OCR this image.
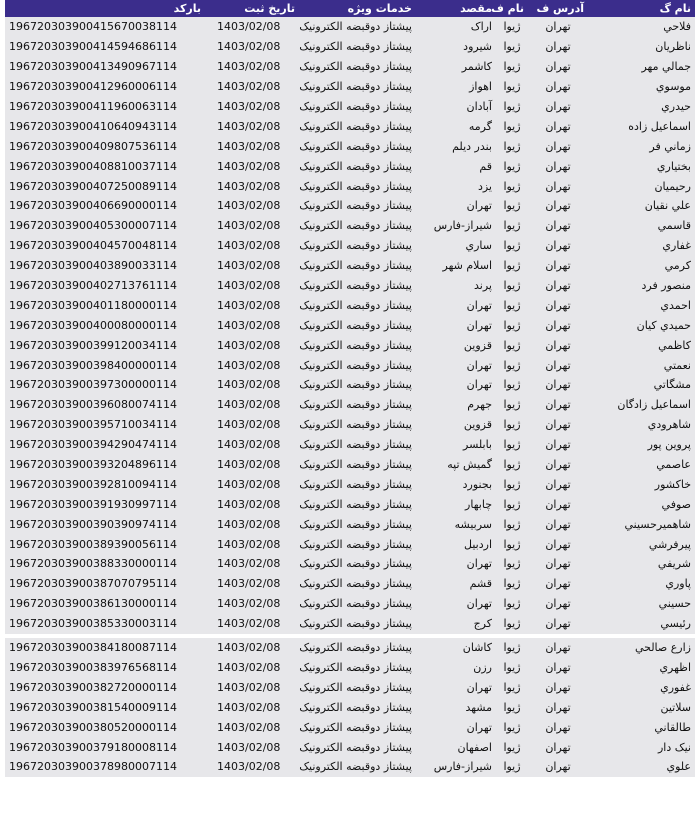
نام گ	آدرس ف	نام ف	مقصد	خدمات ویژه	تاریخ ثبت	بارکد
فلاحي	تهران	ژيوا	اراک	پيشتاز دوقبضه الکترونيک	1403/02/08	196720303900415670038114
ناظريان	تهران	ژيوا	شيرود	پيشتاز دوقبضه الکترونيک	1403/02/08	196720303900414594686114
جمالي مهر	تهران	ژيوا	کاشمر	پيشتاز دوقبضه الکترونيک	1403/02/08	196720303900413490967114
موسوي	تهران	ژيوا	اهواز	پيشتاز دوقبضه الکترونيک	1403/02/08	196720303900412960006114
حيدري	تهران	ژيوا	آبادان	پيشتاز دوقبضه الکترونيک	1403/02/08	196720303900411960063114
اسماعيل زاده	تهران	ژيوا	گرمه	پيشتاز دوقبضه الکترونيک	1403/02/08	196720303900410640943114
زماني فر	تهران	ژيوا	بندر ديلم	پيشتاز دوقبضه الکترونيک	1403/02/08	196720303900409807536114
بختياري	تهران	ژيوا	قم	پيشتاز دوقبضه الکترونيک	1403/02/08	196720303900408810037114
رحيميان	تهران	ژيوا	يزد	پيشتاز دوقبضه الکترونيک	1403/02/08	196720303900407250089114
علي نقيان	تهران	ژيوا	تهران	پيشتاز دوقبضه الکترونيک	1403/02/08	196720303900406690000114
قاسمي	تهران	ژيوا	شيراز-فارس	پيشتاز دوقبضه الکترونيک	1403/02/08	196720303900405300007114
غفاري	تهران	ژيوا	ساري	پيشتاز دوقبضه الکترونيک	1403/02/08	196720303900404570048114
کرمي	تهران	ژيوا	اسلام شهر	پيشتاز دوقبضه الکترونيک	1403/02/08	196720303900403890033114
منصور فرد	تهران	ژيوا	پرند	پيشتاز دوقبضه الکترونيک	1403/02/08	196720303900402713761114
احمدي	تهران	ژيوا	تهران	پيشتاز دوقبضه الکترونيک	1403/02/08	196720303900401180000114
حميدي کيان	تهران	ژيوا	تهران	پيشتاز دوقبضه الکترونيک	1403/02/08	196720303900400080000114
کاظمي	تهران	ژيوا	قزوين	پيشتاز دوقبضه الکترونيک	1403/02/08	196720303900399120034114
نعمتي	تهران	ژيوا	تهران	پيشتاز دوقبضه الکترونيک	1403/02/08	196720303900398400000114
مشگاتي	تهران	ژيوا	تهران	پيشتاز دوقبضه الکترونيک	1403/02/08	196720303900397300000114
اسماعيل زادگان	تهران	ژيوا	جهرم	پيشتاز دوقبضه الکترونيک	1403/02/08	196720303900396080074114
شاهرودي	تهران	ژيوا	قزوين	پيشتاز دوقبضه الکترونيک	1403/02/08	196720303900395710034114
پروين پور	تهران	ژيوا	بابلسر	پيشتاز دوقبضه الکترونيک	1403/02/08	196720303900394290474114
عاصمي	تهران	ژيوا	گميش تپه	پيشتاز دوقبضه الکترونيک	1403/02/08	196720303900393204896114
خاکشور	تهران	ژيوا	بجنورد	پيشتاز دوقبضه الکترونيک	1403/02/08	196720303900392810094114
صوفي	تهران	ژيوا	چابهار	پيشتاز دوقبضه الکترونيک	1403/02/08	196720303900391930997114
شاهميرحسيني	تهران	ژيوا	سربيشه	پيشتاز دوقبضه الکترونيک	1403/02/08	196720303900390390974114
پيرفرشي	تهران	ژيوا	اردبيل	پيشتاز دوقبضه الکترونيک	1403/02/08	196720303900389390056114
شريفي	تهران	ژيوا	تهران	پيشتاز دوقبضه الکترونيک	1403/02/08	196720303900388330000114
پاوري	تهران	ژيوا	قشم	پيشتاز دوقبضه الکترونيک	1403/02/08	196720303900387070795114
حسيني	تهران	ژيوا	تهران	پيشتاز دوقبضه الکترونيک	1403/02/08	196720303900386130000114
رئيسي	تهران	ژيوا	کرج	پيشتاز دوقبضه الکترونيک	1403/02/08	196720303900385330003114

زارع صالحي	تهران	ژيوا	کاشان	پيشتاز دوقبضه الکترونيک	1403/02/08	196720303900384180087114
اظهري	تهران	ژيوا	رزن	پيشتاز دوقبضه الکترونيک	1403/02/08	196720303900383976568114
غفوري	تهران	ژيوا	تهران	پيشتاز دوقبضه الکترونيک	1403/02/08	196720303900382720000114
سلاتين	تهران	ژيوا	مشهد	پيشتاز دوقبضه الکترونيک	1403/02/08	196720303900381540009114
طالقاني	تهران	ژيوا	تهران	پيشتاز دوقبضه الکترونيک	1403/02/08	196720303900380520000114
نيک دار	تهران	ژيوا	اصفهان	پيشتاز دوقبضه الکترونيک	1403/02/08	196720303900379180008114
علوي	تهران	ژيوا	شيراز-فارس	پيشتاز دوقبضه الکترونيک	1403/02/08	196720303900378980007114
